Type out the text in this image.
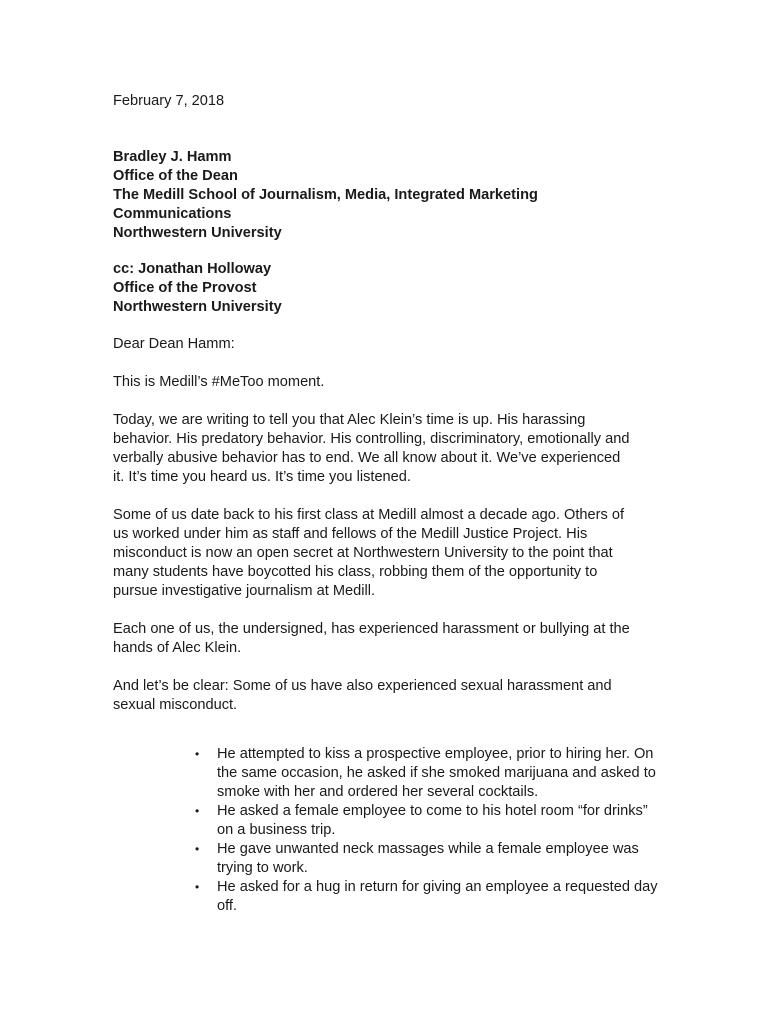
February 7, 2018
Bradley J. Hamm
Office of the Dean
The Medill School of Journalism, Media, Integrated Marketing
Communications
Northwestern University
cc: Jonathan Holloway
Office of the Provost
Northwestern University

Dear Dean Hamm:

This is Medill’s #MeToo moment.

Today, we are writing to tell you that Alec Klein’s time is up. His harassing behavior. His predatory behavior. His controlling, discriminatory, emotionally and verbally abusive behavior has to end. We all know about it. We’ve experienced it. It’s time you heard us. It’s time you listened.

Some of us date back to his first class at Medill almost a decade ago. Others of us worked under him as staff and fellows of the Medill Justice Project. His misconduct is now an open secret at Northwestern University to the point that many students have boycotted his class, robbing them of the opportunity to pursue investigative journalism at Medill.

Each one of us, the undersigned, has experienced harassment or bullying at the hands of Alec Klein.

And let’s be clear: Some of us have also experienced sexual harassment and sexual misconduct.

• He attempted to kiss a prospective employee, prior to hiring her. On the same occasion, he asked if she smoked marijuana and asked to smoke with her and ordered her several cocktails.
• He asked a female employee to come to his hotel room “for drinks” on a business trip.
• He gave unwanted neck massages while a female employee was trying to work.
• He asked for a hug in return for giving an employee a requested day off.
